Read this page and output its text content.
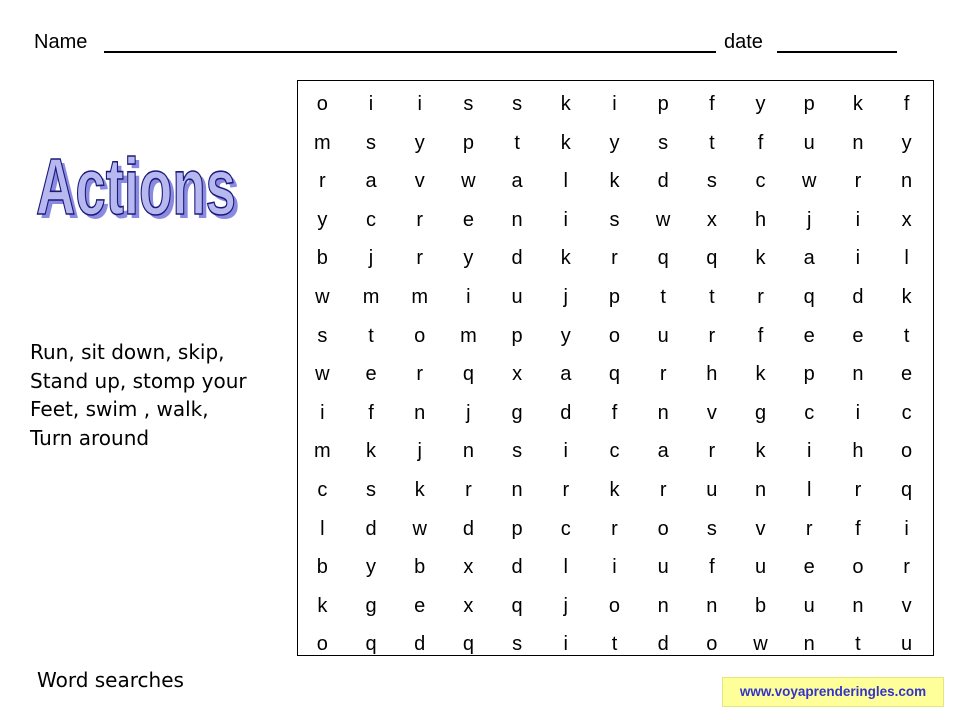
Name	date
Actions
Actions
Run, sit down, skip,
Stand up, stomp your
Feet, swim , walk,
Turn around
o	i	i	s	s	k	i	p	f	y	p	k	f
m	s	y	p	t	k	y	s	t	f	u	n	y
r	a	v	w	a	l	k	d	s	c	w	r	n
y	c	r	e	n	i	s	w	x	h	j	i	x
b	j	r	y	d	k	r	q	q	k	a	i	l
w	m	m	i	u	j	p	t	t	r	q	d	k
s	t	o	m	p	y	o	u	r	f	e	e	t
w	e	r	q	x	a	q	r	h	k	p	n	e
i	f	n	j	g	d	f	n	v	g	c	i	c
m	k	j	n	s	i	c	a	r	k	i	h	o
c	s	k	r	n	r	k	r	u	n	l	r	q
l	d	w	d	p	c	r	o	s	v	r	f	i
b	y	b	x	d	l	i	u	f	u	e	o	r
k	g	e	x	q	j	o	n	n	b	u	n	v
o	q	d	q	s	i	t	d	o	w	n	t	u
Word searches	www.voyaprenderingles.com
